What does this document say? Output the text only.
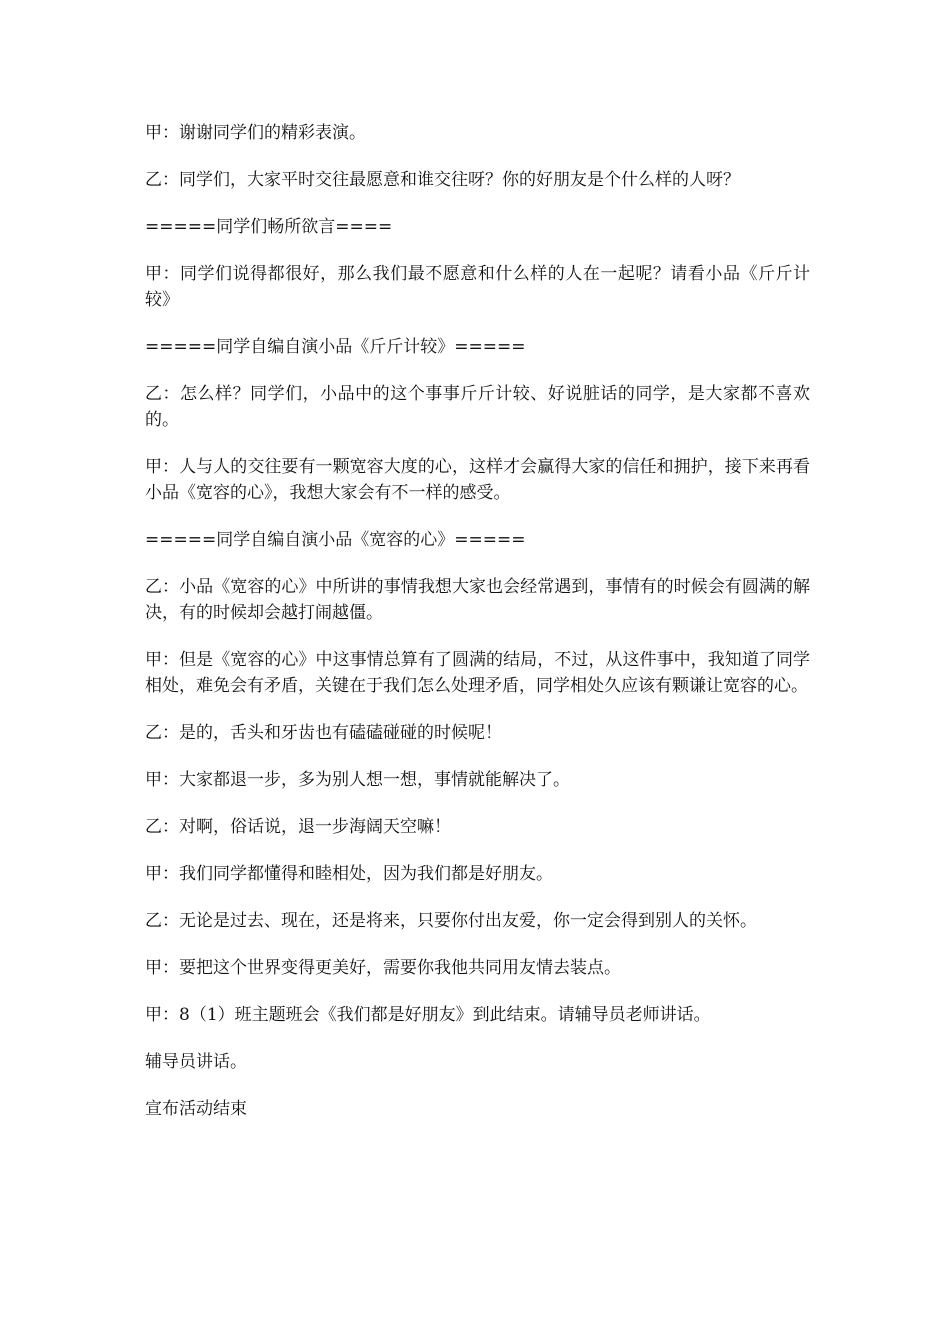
甲：谢谢同学们的精彩表演。

乙：同学们，大家平时交往最愿意和谁交往呀？你的好朋友是个什么样的人呀？

=====同学们畅所欲言====

甲：同学们说得都很好，那么我们最不愿意和什么样的人在一起呢？请看小品《斤斤计较》

=====同学自编自演小品《斤斤计较》=====

乙：怎么样？同学们，小品中的这个事事斤斤计较、好说脏话的同学，是大家都不喜欢的。

甲：人与人的交往要有一颗宽容大度的心，这样才会赢得大家的信任和拥护，接下来再看小品《宽容的心》，我想大家会有不一样的感受。

=====同学自编自演小品《宽容的心》=====

乙：小品《宽容的心》中所讲的事情我想大家也会经常遇到，事情有的时候会有圆满的解决，有的时候却会越打闹越僵。

甲：但是《宽容的心》中这事情总算有了圆满的结局，不过，从这件事中，我知道了同学相处，难免会有矛盾，关键在于我们怎么处理矛盾，同学相处久应该有颗谦让宽容的心。

乙：是的，舌头和牙齿也有磕磕碰碰的时候呢！

甲：大家都退一步，多为别人想一想，事情就能解决了。

乙：对啊，俗话说，退一步海阔天空嘛！

甲：我们同学都懂得和睦相处，因为我们都是好朋友。

乙：无论是过去、现在，还是将来，只要你付出友爱，你一定会得到别人的关怀。

甲：要把这个世界变得更美好，需要你我他共同用友情去装点。

甲：8（1）班主题班会《我们都是好朋友》到此结束。请辅导员老师讲话。

辅导员讲话。

宣布活动结束
